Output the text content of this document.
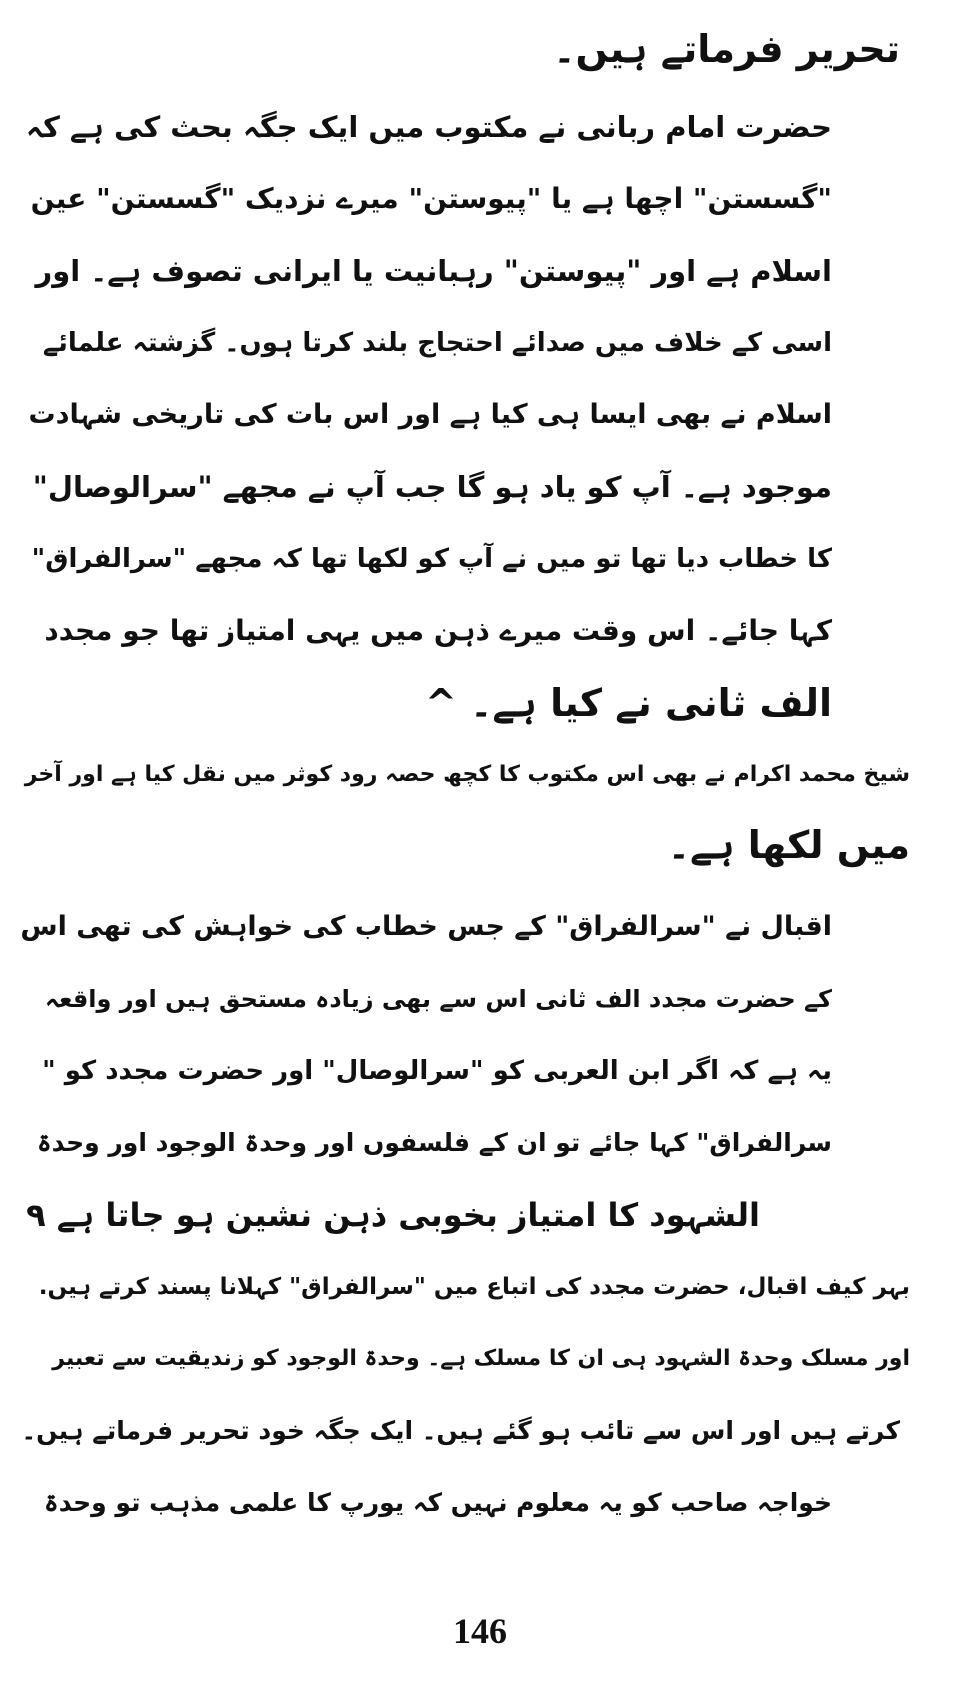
تحریر فرماتے ہیں۔
حضرت امام ربانی نے مکتوب میں ایک جگہ بحث کی ہے کہ
"گسستن" اچھا ہے یا "پیوستن" میرے نزدیک "گسستن" عین
اسلام ہے اور "پیوستن" رہبانیت یا ایرانی تصوف ہے۔ اور
اسی کے خلاف میں صدائے احتجاج بلند کرتا ہوں۔ گزشتہ علمائے
اسلام نے بھی ایسا ہی کیا ہے اور اس بات کی تاریخی شہادت
موجود ہے۔ آپ کو یاد ہو گا جب آپ نے مجھے "سرالوصال"
کا خطاب دیا تھا تو میں نے آپ کو لکھا تھا کہ مجھے "سرالفراق"
کہا جائے۔ اس وقت میرے ذہن میں یہی امتیاز تھا جو مجدد
الف ثانی نے کیا ہے۔ ^
شیخ محمد اکرام نے بھی اس مکتوب کا کچھ حصہ رود کوثر میں نقل کیا ہے اور آخر
میں لکھا ہے۔
اقبال نے "سرالفراق" کے جس خطاب کی خواہش کی تھی اس
کے حضرت مجدد الف ثانی اس سے بھی زیادہ مستحق ہیں اور واقعہ
یہ ہے کہ اگر ابن العربی کو "سرالوصال" اور حضرت مجدد کو "
سرالفراق" کہا جائے تو ان کے فلسفوں اور وحدۃ الوجود اور وحدۃ
الشہود کا امتیاز بخوبی ذہن نشین ہو جاتا ہے ۹
بہر کیف اقبال، حضرت مجدد کی اتباع میں "سرالفراق" کہلانا پسند کرتے ہیں.
اور مسلک وحدۃ الشہود ہی ان کا مسلک ہے۔ وحدۃ الوجود کو زندیقیت سے تعبیر
کرتے ہیں اور اس سے تائب ہو گئے ہیں۔ ایک جگہ خود تحریر فرماتے ہیں۔
خواجہ صاحب کو یہ معلوم نہیں کہ یورپ کا علمی مذہب تو وحدۃ
146
